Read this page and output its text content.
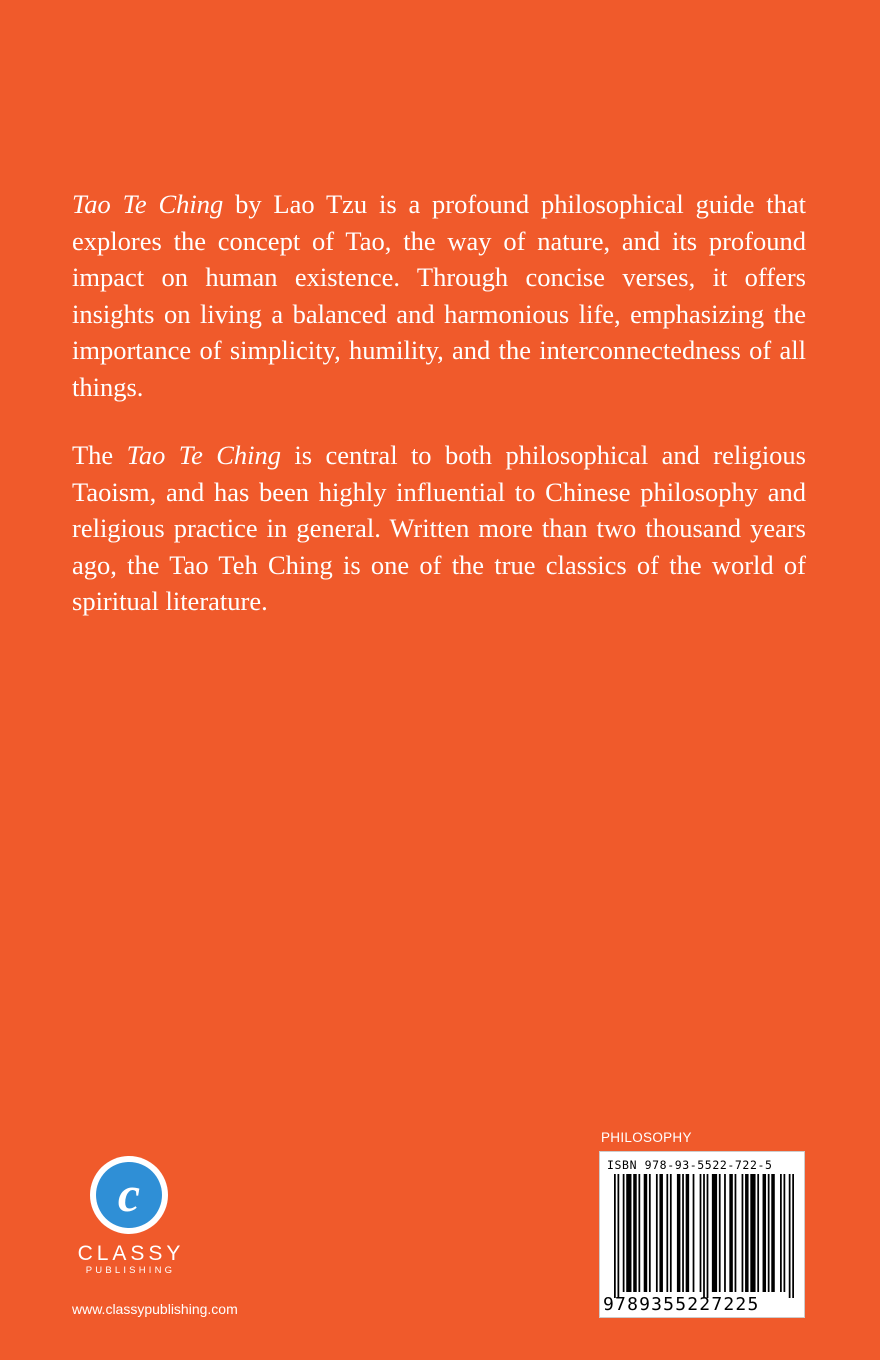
Tao Te Ching by Lao Tzu is a profound philosophical guide that explores the concept of Tao, the way of nature, and its profound impact on human existence. Through concise verses, it offers insights on living a balanced and harmonious life, emphasizing the importance of simplicity, humility, and the interconnectedness of all things.

The Tao Te Ching is central to both philosophical and religious Taoism, and has been highly influential to Chinese philosophy and religious practice in general. Written more than two thousand years ago, the Tao Teh Ching is one of the true classics of the world of spiritual literature.

c
CLASSY
PUBLISHING
www.classypublishing.com
PHILOSOPHY
ISBN 978-93-5522-722-5
9789355227225
